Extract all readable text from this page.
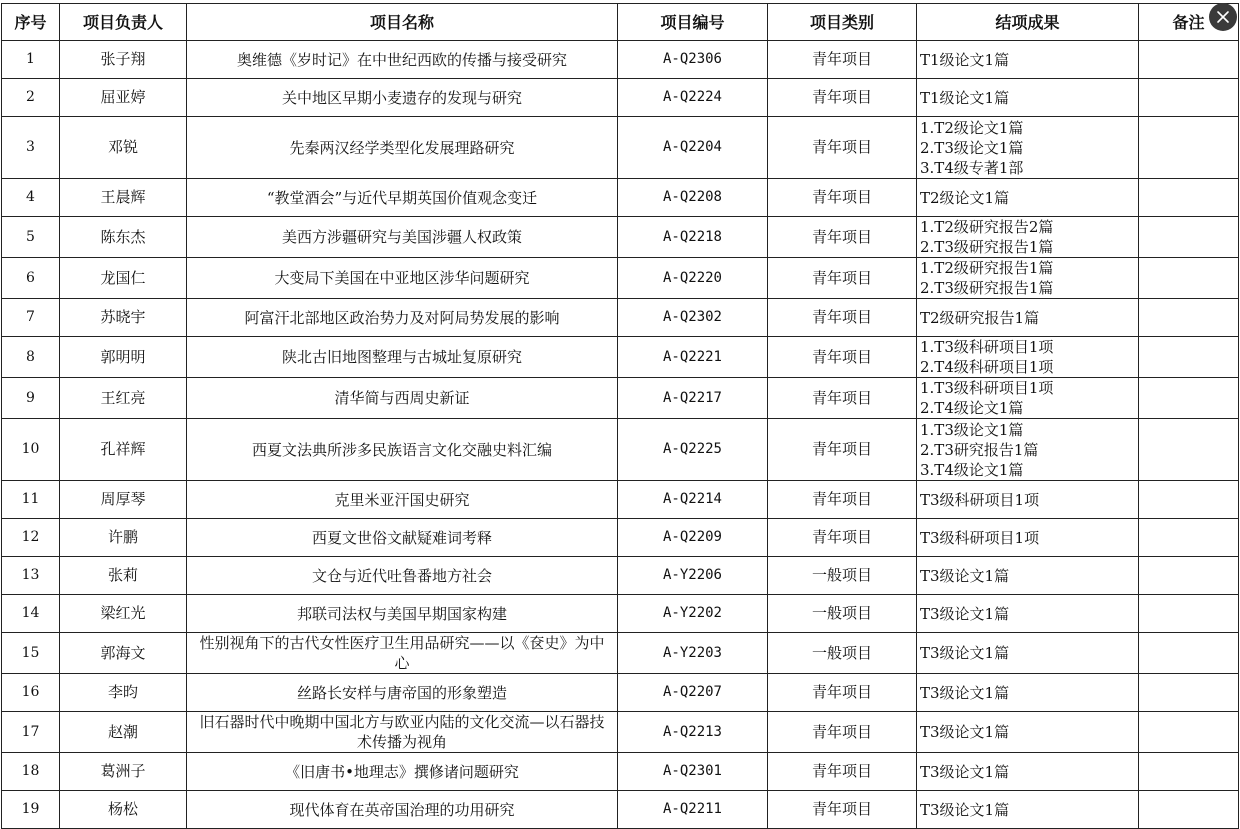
序号	项目负责人	项目名称	项目编号	项目类别	结项成果	备注
1	张子翔	奥维德《岁时记》在中世纪西欧的传播与接受研究	A-Q2306	青年项目	T1级论文1篇	

2	屈亚婷	关中地区早期小麦遗存的发现与研究	A-Q2224	青年项目	T1级论文1篇	

3	邓锐	先秦两汉经学类型化发展理路研究	A-Q2204	青年项目	1.T2级论文1篇
2.T3级论文1篇
3.T4级专著1部	

4	王晨辉	“教堂酒会”与近代早期英国价值观念变迁	A-Q2208	青年项目	T2级论文1篇	

5	陈东杰	美西方涉疆研究与美国涉疆人权政策	A-Q2218	青年项目	1.T2级研究报告2篇
2.T3级研究报告1篇	

6	龙国仁	大变局下美国在中亚地区涉华问题研究	A-Q2220	青年项目	1.T2级研究报告1篇
2.T3级研究报告1篇	

7	苏晓宇	阿富汗北部地区政治势力及对阿局势发展的影响	A-Q2302	青年项目	T2级研究报告1篇	

8	郭明明	陕北古旧地图整理与古城址复原研究	A-Q2221	青年项目	1.T3级科研项目1项
2.T4级科研项目1项	

9	王红亮	清华简与西周史新证	A-Q2217	青年项目	1.T3级科研项目1项
2.T4级论文1篇	

10	孔祥辉	西夏文法典所涉多民族语言文化交融史料汇编	A-Q2225	青年项目	1.T3级论文1篇
2.T3研究报告1篇
3.T4级论文1篇	

11	周厚琴	克里米亚汗国史研究	A-Q2214	青年项目	T3级科研项目1项	

12	许鹏	西夏文世俗文献疑难词考释	A-Q2209	青年项目	T3级科研项目1项	

13	张莉	文仓与近代吐鲁番地方社会	A-Y2206	一般项目	T3级论文1篇	

14	梁红光	邦联司法权与美国早期国家构建	A-Y2202	一般项目	T3级论文1篇	

15	郭海文	性别视角下的古代女性医疗卫生用品研究——以《奁史》为中心	A-Y2203	一般项目	T3级论文1篇	

16	李昀	丝路长安样与唐帝国的形象塑造	A-Q2207	青年项目	T3级论文1篇	

17	赵潮	旧石器时代中晚期中国北方与欧亚内陆的文化交流—以石器技术传播为视角	A-Q2213	青年项目	T3级论文1篇	

18	葛洲子	《旧唐书•地理志》撰修诸问题研究	A-Q2301	青年项目	T3级论文1篇	

19	杨松	现代体育在英帝国治理的功用研究	A-Q2211	青年项目	T3级论文1篇	
